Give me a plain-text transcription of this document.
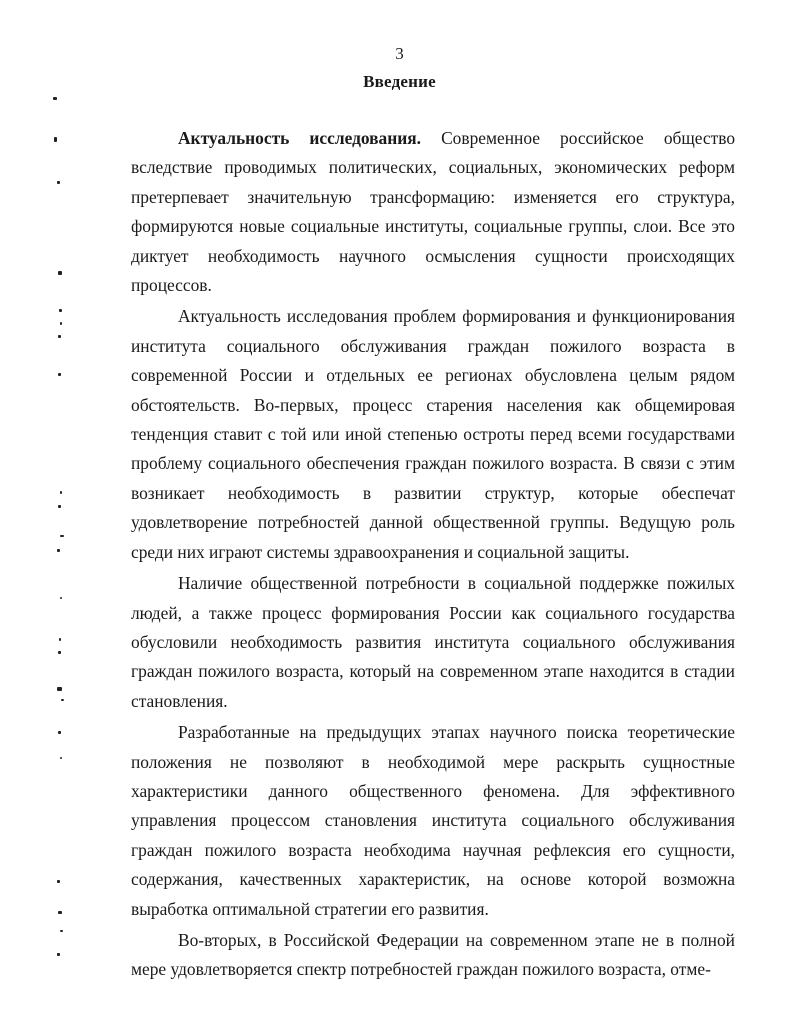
3
Введение

Актуальность исследования. Современное российское общество вследствие проводимых политических, социальных, экономических реформ претерпевает значительную трансформацию: изменяется его структура, формируются новые социальные институты, социальные группы, слои. Все это диктует необходимость научного осмысления сущности происходящих процессов.

Актуальность исследования проблем формирования и функционирования института социального обслуживания граждан пожилого возраста в современной России и отдельных ее регионах обусловлена целым рядом обстоятельств. Во-первых, процесс старения населения как общемировая тенденция ставит с той или иной степенью остроты перед всеми государствами проблему социального обеспечения граждан пожилого возраста. В связи с этим возникает необходимость в развитии структур, которые обеспечат удовлетворение потребностей данной общественной группы. Ведущую роль среди них играют системы здравоохранения и социальной защиты.

Наличие общественной потребности в социальной поддержке пожилых людей, а также процесс формирования России как социального государства обусловили необходимость развития института социального обслуживания граждан пожилого возраста, который на современном этапе находится в стадии становления.

Разработанные на предыдущих этапах научного поиска теоретические положения не позволяют в необходимой мере раскрыть сущностные характеристики данного общественного феномена. Для эффективного управления процессом становления института социального обслуживания граждан пожилого возраста необходима научная рефлексия его сущности, содержания, качественных характеристик, на основе которой возможна выработка оптимальной стратегии его развития.

Во-вторых, в Российской Федерации на современном этапе не в полной мере удовлетворяется спектр потребностей граждан пожилого возраста, отме-
